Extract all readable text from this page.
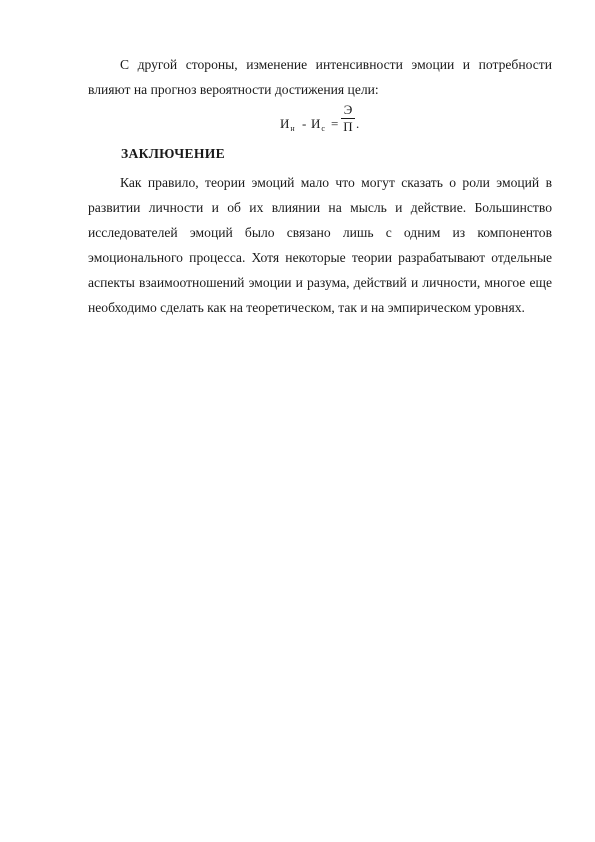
С другой стороны, изменение интенсивности эмоции и потребности влияют на прогноз вероятности достижения цели:

$И_н - И_с$ =
Э
П .
ЗАКЛЮЧЕНИЕ

Как правило, теории эмоций мало что могут сказать о роли эмоций в развитии личности и об их влиянии на мысль и действие. Большинство исследователей эмоций было связано лишь с одним из компонентов эмоционального процесса. Хотя некоторые теории разрабатывают отдельные аспекты взаимоотношений эмоции и разума, действий и личности, многое еще необходимо сделать как на теоретическом, так и на эмпирическом уровнях.
